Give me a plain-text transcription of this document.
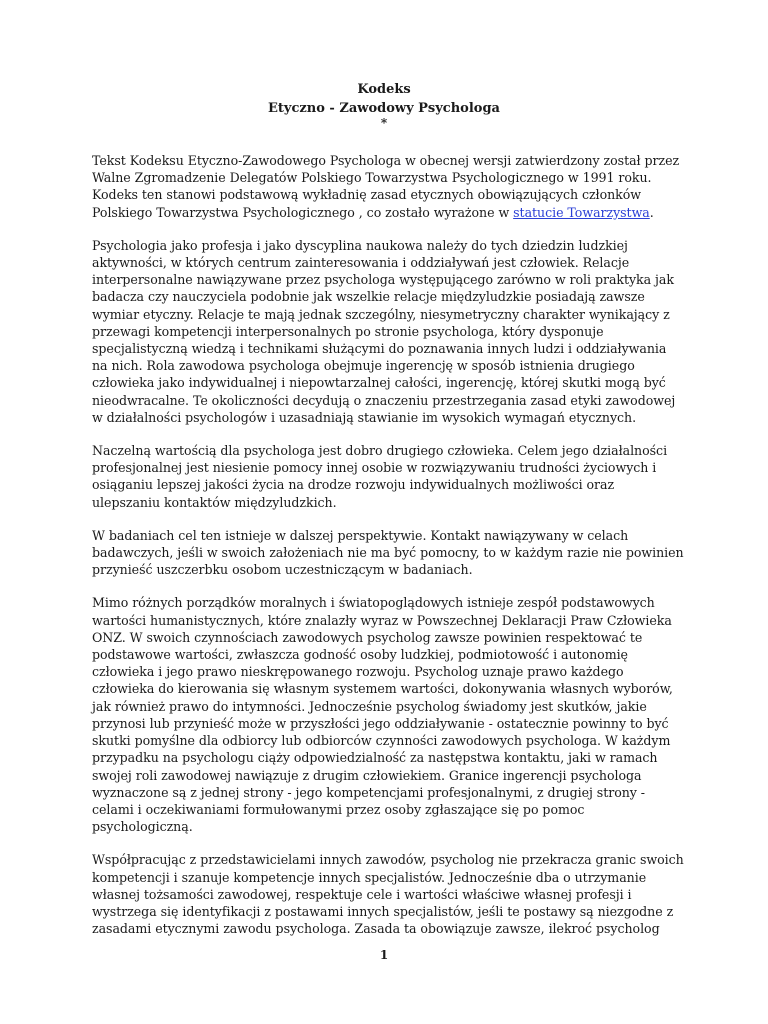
Kodeks
Etyczno - Zawodowy Psychologa
*

Tekst Kodeksu Etyczno-Zawodowego Psychologa w obecnej wersji zatwierdzony został przez Walne Zgromadzenie Delegatów Polskiego Towarzystwa Psychologicznego w 1991 roku. Kodeks ten stanowi podstawową wykładnię zasad etycznych obowiązujących członków Polskiego Towarzystwa Psychologicznego , co zostało wyrażone w statucie Towarzystwa.

Psychologia jako profesja i jako dyscyplina naukowa należy do tych dziedzin ludzkiej aktywności, w których centrum zainteresowania i oddziaływań jest człowiek. Relacje interpersonalne nawiązywane przez psychologa występującego zarówno w roli praktyka jak badacza czy nauczyciela podobnie jak wszelkie relacje międzyludzkie posiadają zawsze wymiar etyczny. Relacje te mają jednak szczególny, niesymetryczny charakter wynikający z przewagi kompetencji interpersonalnych po stronie psychologa, który dysponuje specjalistyczną wiedzą i technikami służącymi do poznawania innych ludzi i oddziaływania na nich. Rola zawodowa psychologa obejmuje ingerencję w sposób istnienia drugiego człowieka jako indywidualnej i niepowtarzalnej całości, ingerencję, której skutki mogą być nieodwracalne. Te okoliczności decydują o znaczeniu przestrzegania zasad etyki zawodowej w działalności psychologów i uzasadniają stawianie im wysokich wymagań etycznych.

Naczelną wartością dla psychologa jest dobro drugiego człowieka. Celem jego działalności profesjonalnej jest niesienie pomocy innej osobie w rozwiązywaniu trudności życiowych i osiąganiu lepszej jakości życia na drodze rozwoju indywidualnych możliwości oraz ulepszaniu kontaktów międzyludzkich.

W badaniach cel ten istnieje w dalszej perspektywie. Kontakt nawiązywany w celach badawczych, jeśli w swoich założeniach nie ma być pomocny, to w każdym razie nie powinien przynieść uszczerbku osobom uczestniczącym w badaniach.

Mimo różnych porządków moralnych i światopoglądowych istnieje zespół podstawowych wartości humanistycznych, które znalazły wyraz w Powszechnej Deklaracji Praw Człowieka ONZ. W swoich czynnościach zawodowych psycholog zawsze powinien respektować te podstawowe wartości, zwłaszcza godność osoby ludzkiej, podmiotowość i autonomię człowieka i jego prawo nieskrępowanego rozwoju. Psycholog uznaje prawo każdego człowieka do kierowania się własnym systemem wartości, dokonywania własnych wyborów, jak również prawo do intymności. Jednocześnie psycholog świadomy jest skutków, jakie przynosi lub przynieść może w przyszłości jego oddziaływanie - ostatecznie powinny to być skutki pomyślne dla odbiorcy lub odbiorców czynności zawodowych psychologa. W każdym przypadku na psychologu ciąży odpowiedzialność za następstwa kontaktu, jaki w ramach swojej roli zawodowej nawiązuje z drugim człowiekiem. Granice ingerencji psychologa wyznaczone są z jednej strony - jego kompetencjami profesjonalnymi, z drugiej strony - celami i oczekiwaniami formułowanymi przez osoby zgłaszające się po pomoc psychologiczną.

Współpracując z przedstawicielami innych zawodów, psycholog nie przekracza granic swoich kompetencji i szanuje kompetencje innych specjalistów. Jednocześnie dba o utrzymanie własnej tożsamości zawodowej, respektuje cele i wartości właściwe własnej profesji i wystrzega się identyfikacji z postawami innych specjalistów, jeśli te postawy są niezgodne z zasadami etycznymi zawodu psychologa. Zasada ta obowiązuje zawsze, ilekroć psycholog

1
